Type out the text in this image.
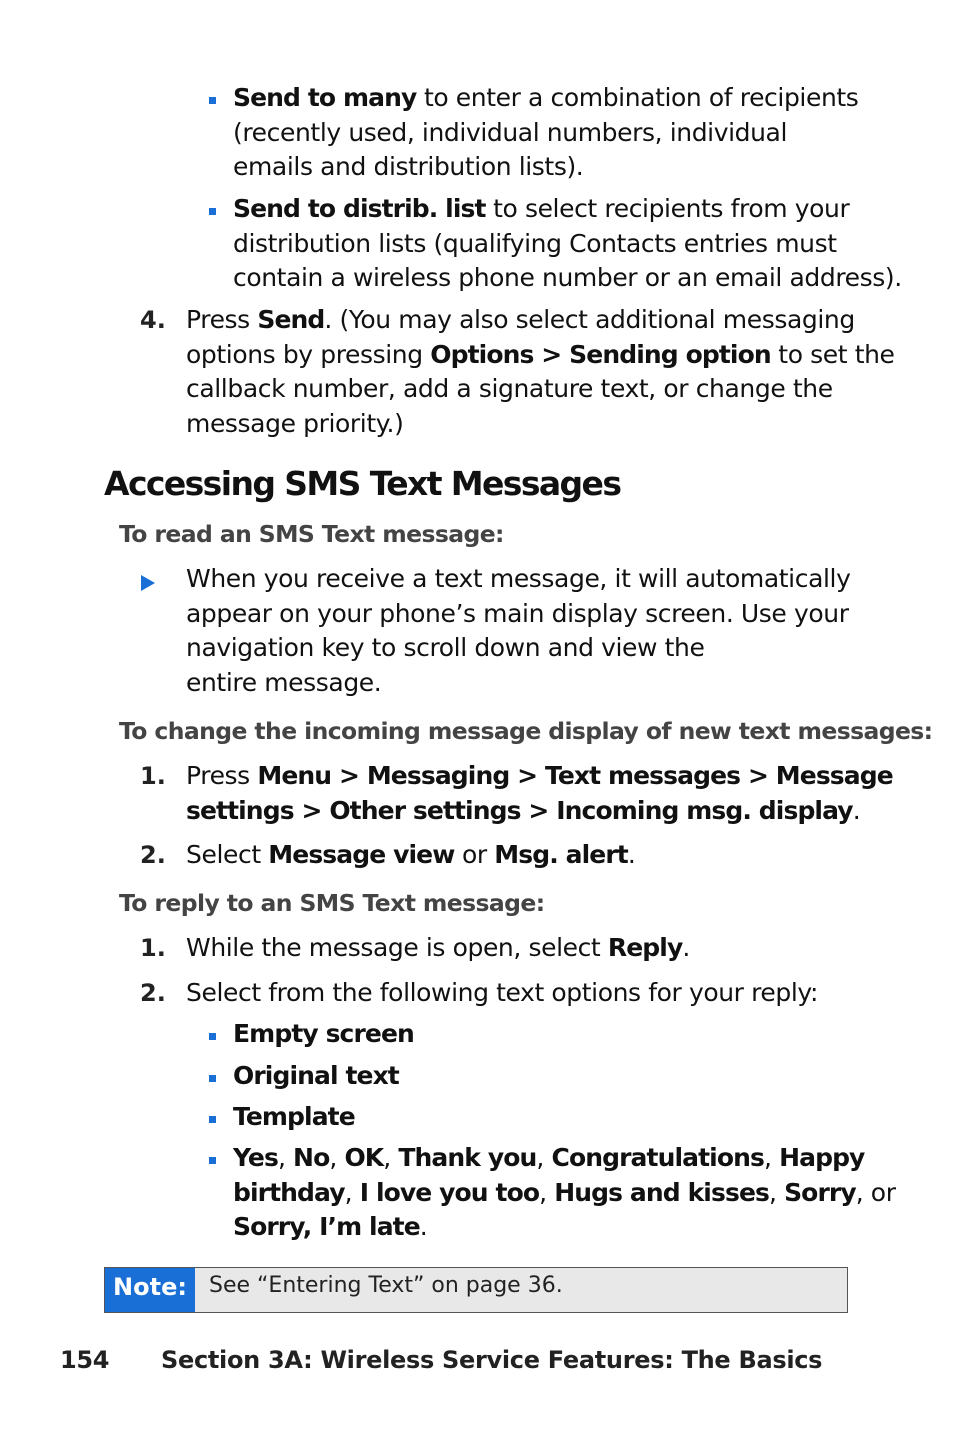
Send to many to enter a combination of recipients
(recently used, individual numbers, individual
emails and distribution lists).
Send to distrib. list to select recipients from your
distribution lists (qualifying Contacts entries must
contain a wireless phone number or an email address).
4. Press Send. (You may also select additional messaging
options by pressing Options > Sending option to set the
callback number, add a signature text, or change the
message priority.)
Accessing SMS Text Messages
To read an SMS Text message:
When you receive a text message, it will automatically
appear on your phone’s main display screen. Use your
navigation key to scroll down and view the
entire message.
To change the incoming message display of new text messages:
1. Press Menu > Messaging > Text messages > Message
settings > Other settings > Incoming msg. display.
2. Select Message view or Msg. alert.
To reply to an SMS Text message:
1. While the message is open, select Reply.
2. Select from the following text options for your reply:
Empty screen
Original text
Template
Yes, No, OK, Thank you, Congratulations, Happy
birthday, I love you too, Hugs and kisses, Sorry, or
Sorry, I’m late.
Note:	See “Entering Text” on page 36.
154 Section 3A: Wireless Service Features: The Basics
